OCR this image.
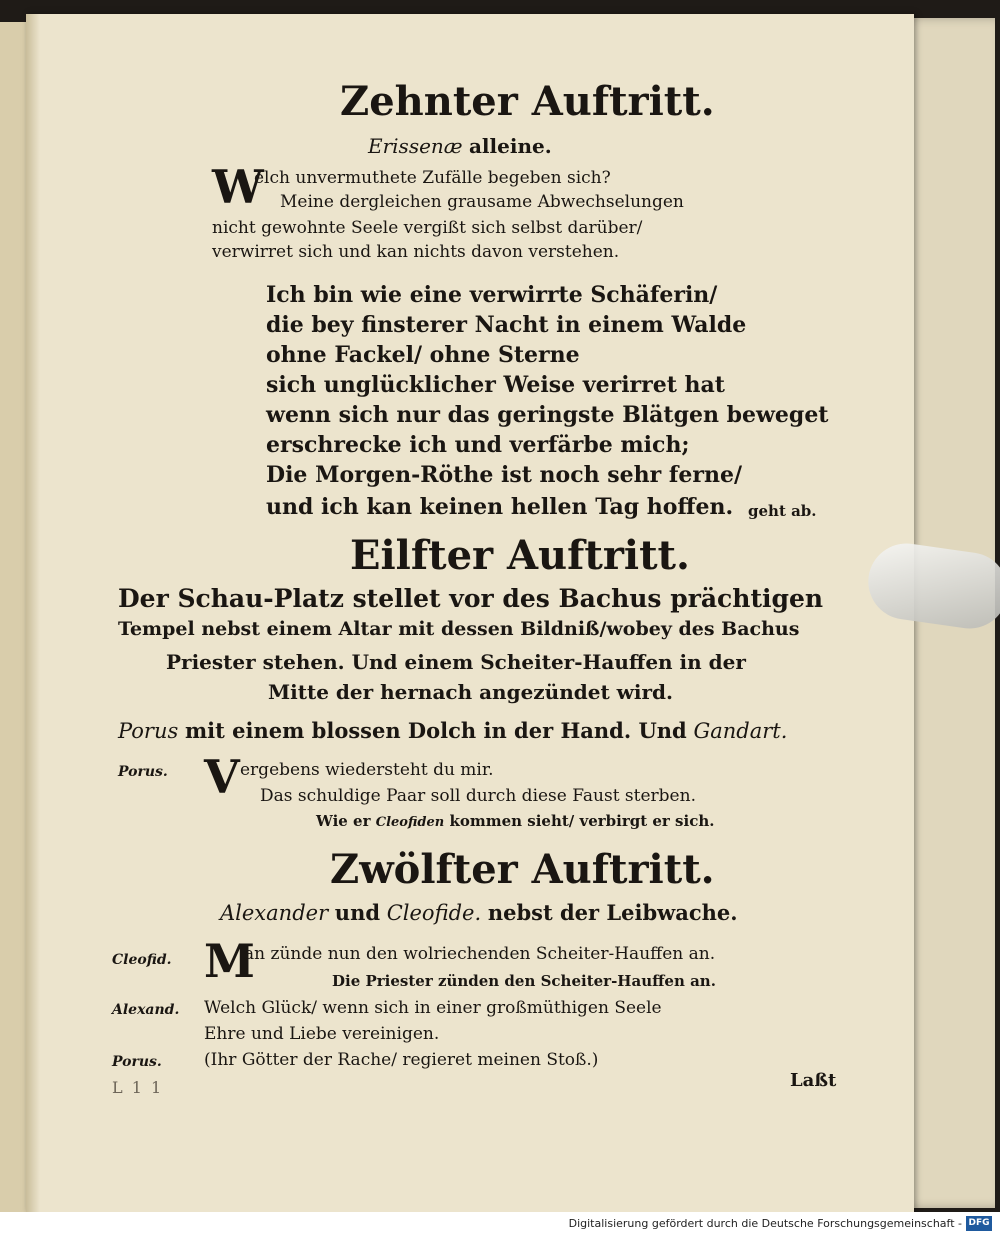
Zehnter Auftritt.
Erissenæ alleine.
W
elch unvermuthete Zufälle begeben sich?
Meine dergleichen grausame Abwechselungen
nicht gewohnte Seele vergißt sich selbst darüber/
verwirret sich und kan nichts davon verstehen.
Ich bin wie eine verwirrte Schäferin/
die bey finsterer Nacht in einem Walde
ohne Fackel/ ohne Sterne
sich unglücklicher Weise verirret hat
wenn sich nur das geringste Blätgen beweget
erschrecke ich und verfärbe mich;
Die Morgen-Röthe ist noch sehr ferne/
und ich kan keinen hellen Tag hoffen. geht ab.
Eilfter Auftritt.
Der Schau-Platz stellet vor des Bachus prächtigen
Tempel nebst einem Altar mit dessen Bildniß/wobey des Bachus
Priester stehen. Und einem Scheiter-Hauffen in der
Mitte der hernach angezündet wird.
Porus mit einem blossen Dolch in der Hand. Und Gandart.
Porus. V ergebens wiedersteht du mir.
Das schuldige Paar soll durch diese Faust sterben.
Wie er Cleofiden kommen sieht/ verbirgt er sich.
Zwölfter Auftritt.
Alexander und Cleofide. nebst der Leibwache.
Cleofid. M
an zünde nun den wolriechenden Scheiter-Hauffen an.
Die Priester zünden den Scheiter-Hauffen an.
Alexand. Welch Glück/ wenn sich in einer großmüthigen Seele
Ehre und Liebe vereinigen.
Porus. (Ihr Götter der Rache/ regieret meinen Stoß.)
L 1 1	Laßt
Digitalisierung gefördert durch die Deutsche Forschungsgemeinschaft - DFG
